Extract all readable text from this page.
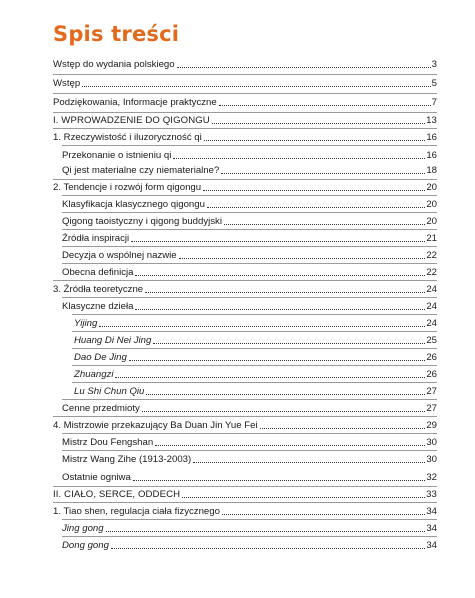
Spis treści
Wstęp do wydania polskiego	3
Wstęp	5
Podziękowania, Informacje praktyczne	7
I. WPROWADZENIE DO QIGONGU	13
1. Rzeczywistość i iluzoryczność qi	16
Przekonanie o istnieniu qi	16
Qi jest materialne czy niematerialne?	18
2. Tendencje i rozwój form qigongu	20
Klasyfikacja klasycznego qigongu	20
Qigong taoistyczny i qigong buddyjski	20
Źródła inspiracji	21
Decyzja o wspólnej nazwie	22
Obecna definicja	22
3. Źródła teoretyczne	24
Klasyczne dzieła	24
Yijing	24
Huang Di Nei Jing	25
Dao De Jing	26
Zhuangzi	26
Lu Shi Chun Qiu	27
Cenne przedmioty	27
4. Mistrzowie przekazujący Ba Duan Jin Yue Fei	29
Mistrz Dou Fengshan	30
Mistrz Wang Zihe (1913-2003)	30
Ostatnie ogniwa	32
II. CIAŁO, SERCE, ODDECH	33
1. Tiao shen, regulacja ciała fizycznego	34
Jing gong	34
Dong gong	34
